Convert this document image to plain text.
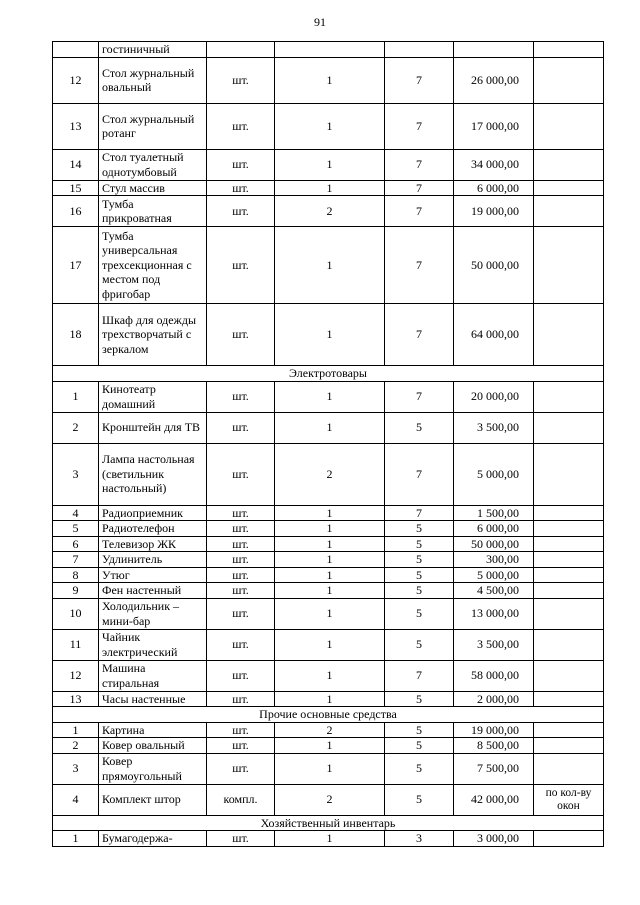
91
	гостиничный					
12	Стол журнальный овальный	шт.	1	7	26 000,00	
13	Стол журнальный ротанг	шт.	1	7	17 000,00	
14	Стол туалетный однотумбовый	шт.	1	7	34 000,00	
15	Стул массив	шт.	1	7	6 000,00	
16	Тумба прикроватная	шт.	2	7	19 000,00	
17	Тумба универсальная трехсекционная с местом под фригобар	шт.	1	7	50 000,00	
18	Шкаф для одежды трехстворчатый с зеркалом	шт.	1	7	64 000,00	
Электротовары						
1	Кинотеатр домашний	шт.	1	7	20 000,00	
2	Кронштейн для ТВ	шт.	1	5	3 500,00	
3	Лампа настольная (светильник настольный)	шт.	2	7	5 000,00	
4	Радиоприемник	шт.	1	7	1 500,00	
5	Радиотелефон	шт.	1	5	6 000,00	
6	Телевизор ЖК	шт.	1	5	50 000,00	
7	Удлинитель	шт.	1	5	300,00	
8	Утюг	шт.	1	5	5 000,00	
9	Фен настенный	шт.	1	5	4 500,00	
10	Холодильник – мини-бар	шт.	1	5	13 000,00	
11	Чайник электрический	шт.	1	5	3 500,00	
12	Машина стиральная	шт.	1	7	58 000,00	
13	Часы настенные	шт.	1	5	2 000,00	
Прочие основные средства						
1	Картина	шт.	2	5	19 000,00	
2	Ковер овальный	шт.	1	5	8 500,00	
3	Ковер прямоугольный	шт.	1	5	7 500,00	
4	Комплект штор	компл.	2	5	42 000,00	по кол-ву окон
Хозяйственный инвентарь						
1	Бумагодержа-	шт.	1	3	3 000,00	
